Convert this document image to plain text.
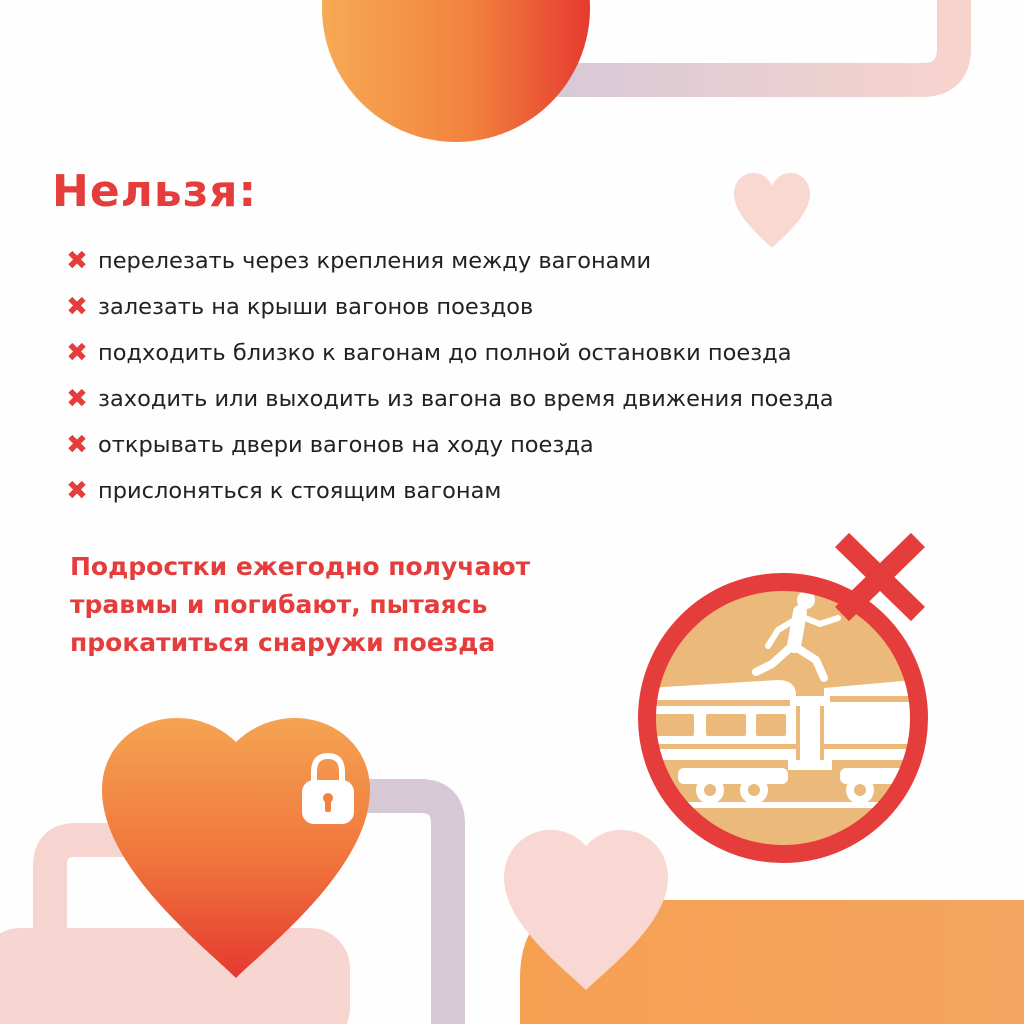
Нельзя:
✖ перелезать через крепления между вагонами
✖ залезать на крыши вагонов поездов
✖ подходить близко к вагонам до полной остановки поезда
✖ заходить или выходить из вагона во время движения поезда
✖ открывать двери вагонов на ходу поезда
✖ прислоняться к стоящим вагонам

Подростки ежегодно получают травмы и погибают, пытаясь прокатиться снаружи поезда
